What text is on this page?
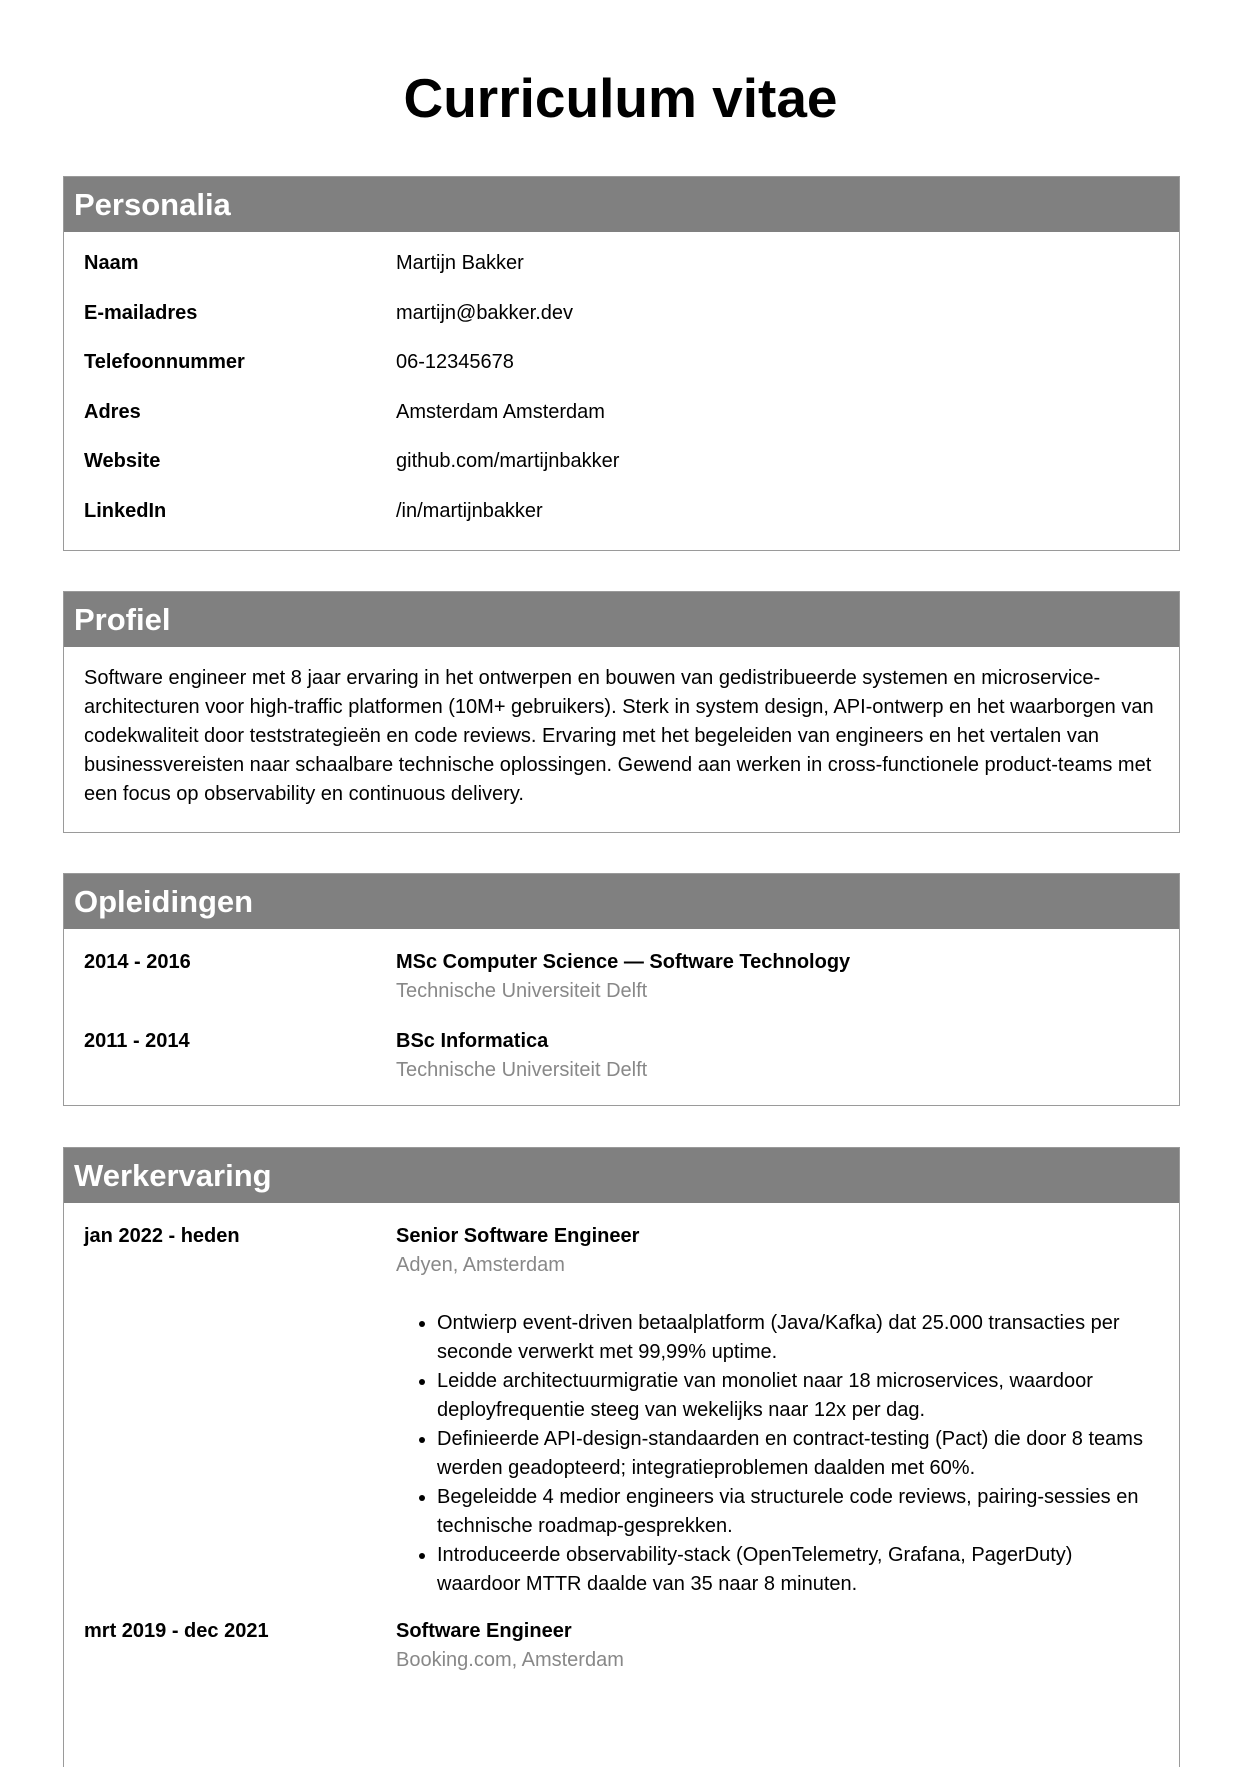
Curriculum vitae
Personalia
Naam	Martijn Bakker
E-mailadres	martijn@bakker.dev
Telefoonnummer	06-12345678
Adres	Amsterdam Amsterdam
Website	github.com/martijnbakker
LinkedIn	/in/martijnbakker
Profiel

Software engineer met 8 jaar ervaring in het ontwerpen en bouwen van gedistribueerde systemen en microservice-architecturen voor high-traffic platformen (10M+ gebruikers). Sterk in system design, API-ontwerp en het waarborgen van codekwaliteit door teststrategieën en code reviews. Ervaring met het begeleiden van engineers en het vertalen van businessvereisten naar schaalbare technische oplossingen. Gewend aan werken in cross-functionele product-teams met een focus op observability en continuous delivery.

Opleidingen
2014 - 2016	MSc Computer Science — Software Technology
Technische Universiteit Delft
2011 - 2014	BSc Informatica
Technische Universiteit Delft
Werkervaring
jan 2022 - heden	Senior Software Engineer
Adyen, Amsterdam
• Ontwierp event-driven betaalplatform (Java/Kafka) dat 25.000 transacties per seconde verwerkt met 99,99% uptime.
• Leidde architectuurmigratie van monoliet naar 18 microservices, waardoor deployfrequentie steeg van wekelijks naar 12x per dag.
• Definieerde API-design-standaarden en contract-testing (Pact) die door 8 teams werden geadopteerd; integratieproblemen daalden met 60%.
• Begeleidde 4 medior engineers via structurele code reviews, pairing-sessies en technische roadmap-gesprekken.
• Introduceerde observability-stack (OpenTelemetry, Grafana, PagerDuty) waardoor MTTR daalde van 35 naar 8 minuten.
mrt 2019 - dec 2021	Software Engineer
Booking.com, Amsterdam
